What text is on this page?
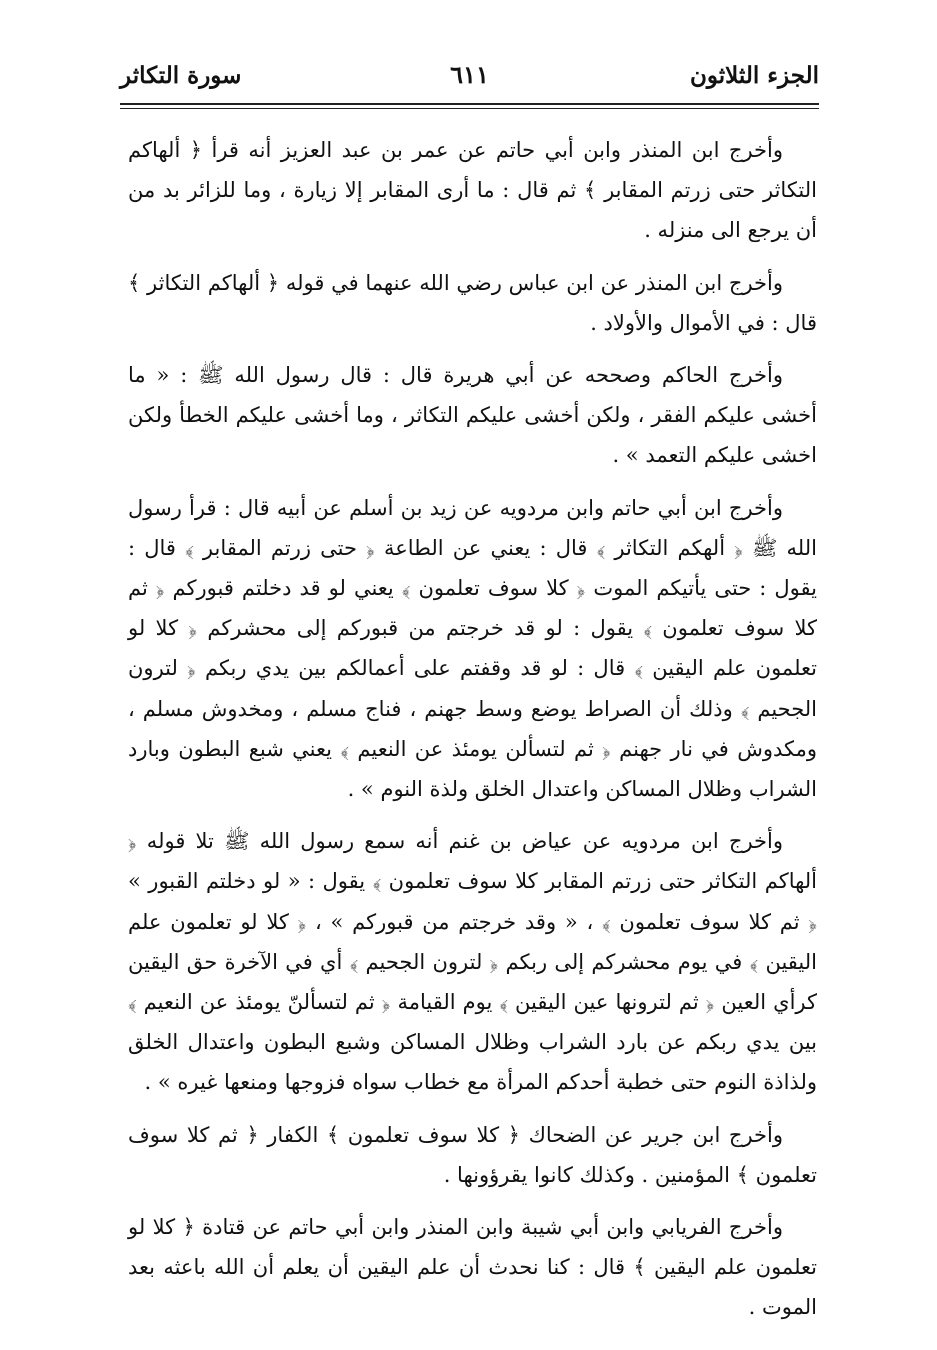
الجزء الثلاثون
٦١١
سورة التكاثر

وأخرج ابن المنذر وابن أبي حاتم عن عمر بن عبد العزيز أنه قرأ ﴿ ألهاكم التكاثر حتى زرتم المقابر ﴾ ثم قال : ما أرى المقابر إلا زيارة ، وما للزائر بد من أن يرجع الى منزله .

وأخرج ابن المنذر عن ابن عباس رضي الله عنهما في قوله ﴿ ألهاكم التكاثر ﴾ قال : في الأموال والأولاد .

وأخرج الحاكم وصححه عن أبي هريرة قال : قال رسول الله ﷺ : « ما أخشى عليكم الفقر ، ولكن أخشى عليكم التكاثر ، وما أخشى عليكم الخطأ ولكن اخشى عليكم التعمد » .

وأخرج ابن أبي حاتم وابن مردويه عن زيد بن أسلم عن أبيه قال : قرأ رسول الله ﷺ ﴿ ألهكم التكاثر ﴾ قال : يعني عن الطاعة ﴿ حتى زرتم المقابر ﴾ قال : يقول : حتى يأتيكم الموت ﴿ كلا سوف تعلمون ﴾ يعني لو قد دخلتم قبوركم ﴿ ثم كلا سوف تعلمون ﴾ يقول : لو قد خرجتم من قبوركم إلى محشركم ﴿ كلا لو تعلمون علم اليقين ﴾ قال : لو قد وقفتم على أعمالكم بين يدي ربكم ﴿ لترون الجحيم ﴾ وذلك أن الصراط يوضع وسط جهنم ، فناج مسلم ، ومخدوش مسلم ، ومكدوش في نار جهنم ﴿ ثم لتسألن يومئذ عن النعيم ﴾ يعني شبع البطون وبارد الشراب وظلال المساكن واعتدال الخلق ولذة النوم » .

وأخرج ابن مردويه عن عياض بن غنم أنه سمع رسول الله ﷺ تلا قوله ﴿ ألهاكم التكاثر حتى زرتم المقابر كلا سوف تعلمون ﴾ يقول : « لو دخلتم القبور » ﴿ ثم كلا سوف تعلمون ﴾ ، « وقد خرجتم من قبوركم » ، ﴿ كلا لو تعلمون علم اليقين ﴾ في يوم محشركم إلى ربكم ﴿ لترون الجحيم ﴾ أي في الآخرة حق اليقين كرأي العين ﴿ ثم لترونها عين اليقين ﴾ يوم القيامة ﴿ ثم لتسألنّ يومئذ عن النعيم ﴾ بين يدي ربكم عن بارد الشراب وظلال المساكن وشبع البطون واعتدال الخلق ولذاذة النوم حتى خطبة أحدكم المرأة مع خطاب سواه فزوجها ومنعها غيره » .

وأخرج ابن جرير عن الضحاك ﴿ كلا سوف تعلمون ﴾ الكفار ﴿ ثم كلا سوف تعلمون ﴾ المؤمنين . وكذلك كانوا يقرؤونها .

وأخرج الفريابي وابن أبي شيبة وابن المنذر وابن أبي حاتم عن قتادة ﴿ كلا لو تعلمون علم اليقين ﴾ قال : كنا نحدث أن علم اليقين أن يعلم أن الله باعثه بعد الموت .
